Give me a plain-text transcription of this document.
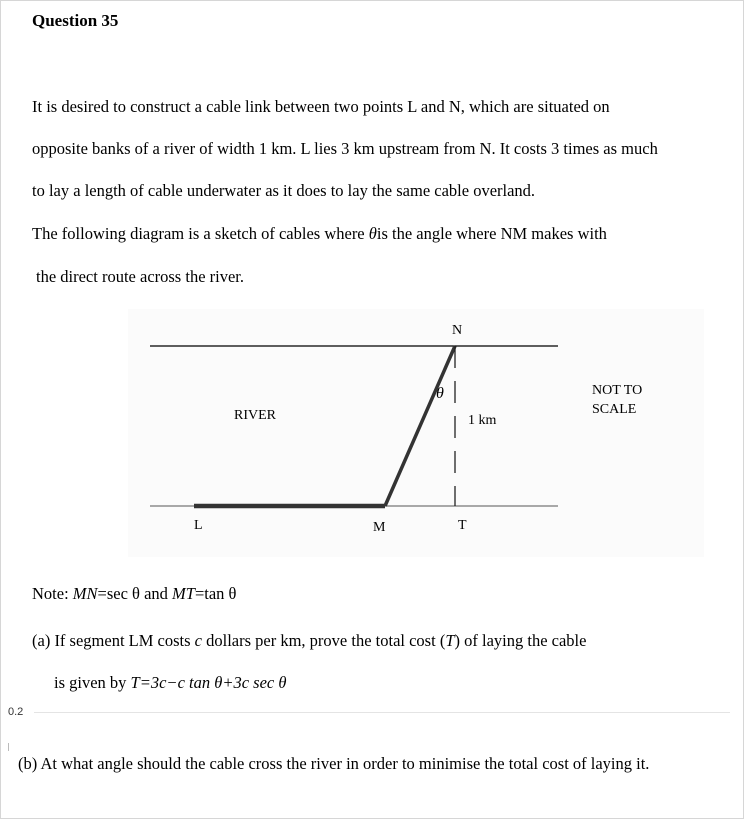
Question 35
It is desired to construct a cable link between two points L and N, which are situated on
opposite banks of a river of width 1 km. L lies 3 km upstream from N. It costs 3 times as much
to lay a length of cable underwater as it does to lay the same cable overland.
The following diagram is a sketch of cables where θis the angle where NM makes with
the direct route across the river.
N
θ
RIVER	1 km
NOT TO
SCALE
L	M	T
Note: MN=sec θ and MT=tan θ
(a) If segment LM costs c dollars per km, prove the total cost (T) of laying the cable
is given by T=3c−c tan θ+3c sec θ
0.2
(b) At what angle should the cable cross the river in order to minimise the total cost of laying it.
